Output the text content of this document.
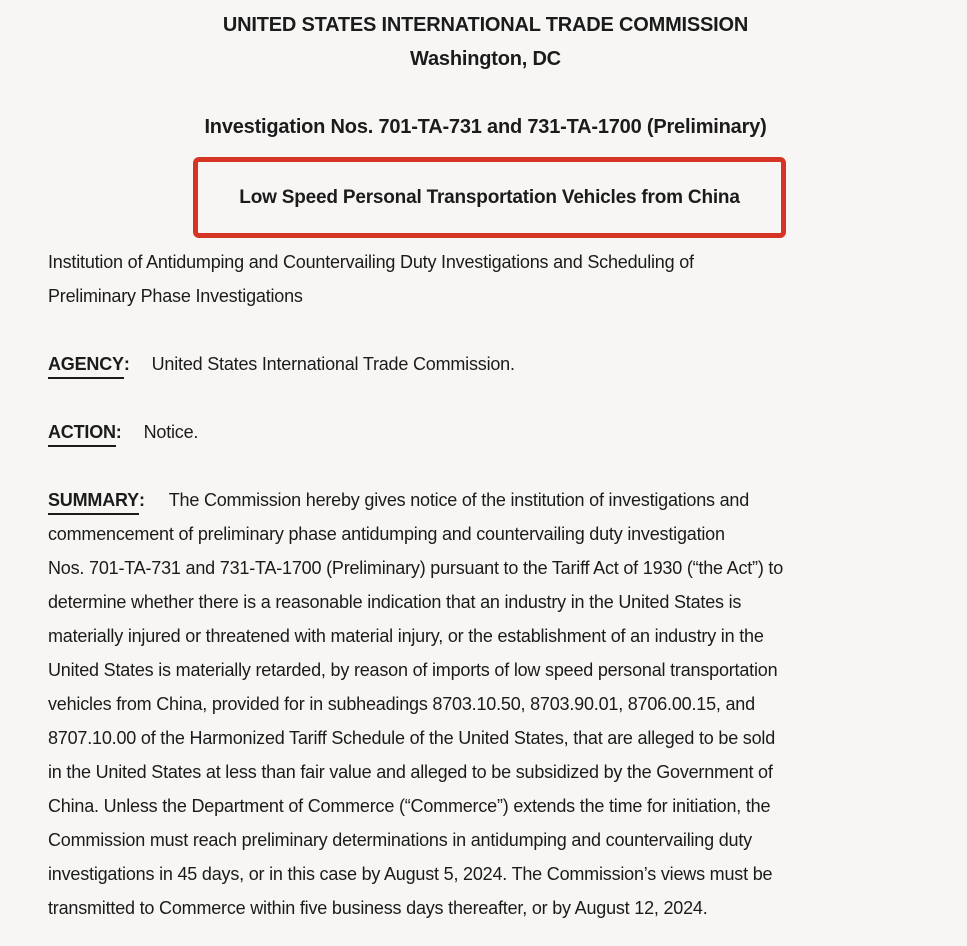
UNITED STATES INTERNATIONAL TRADE COMMISSION
Washington, DC
Investigation Nos. 701-TA-731 and 731-TA-1700 (Preliminary)
Low Speed Personal Transportation Vehicles from China
Institution of Antidumping and Countervailing Duty Investigations and Scheduling of
Preliminary Phase Investigations
AGENCY: United States International Trade Commission.
ACTION: Notice.
SUMMARY: The Commission hereby gives notice of the institution of investigations and
commencement of preliminary phase antidumping and countervailing duty investigation
Nos. 701-TA-731 and 731-TA-1700 (Preliminary) pursuant to the Tariff Act of 1930 (“the Act”) to
determine whether there is a reasonable indication that an industry in the United States is
materially injured or threatened with material injury, or the establishment of an industry in the
United States is materially retarded, by reason of imports of low speed personal transportation
vehicles from China, provided for in subheadings 8703.10.50, 8703.90.01, 8706.00.15, and
8707.10.00 of the Harmonized Tariff Schedule of the United States, that are alleged to be sold
in the United States at less than fair value and alleged to be subsidized by the Government of
China. Unless the Department of Commerce (“Commerce”) extends the time for initiation, the
Commission must reach preliminary determinations in antidumping and countervailing duty
investigations in 45 days, or in this case by August 5, 2024. The Commission’s views must be
transmitted to Commerce within five business days thereafter, or by August 12, 2024.
